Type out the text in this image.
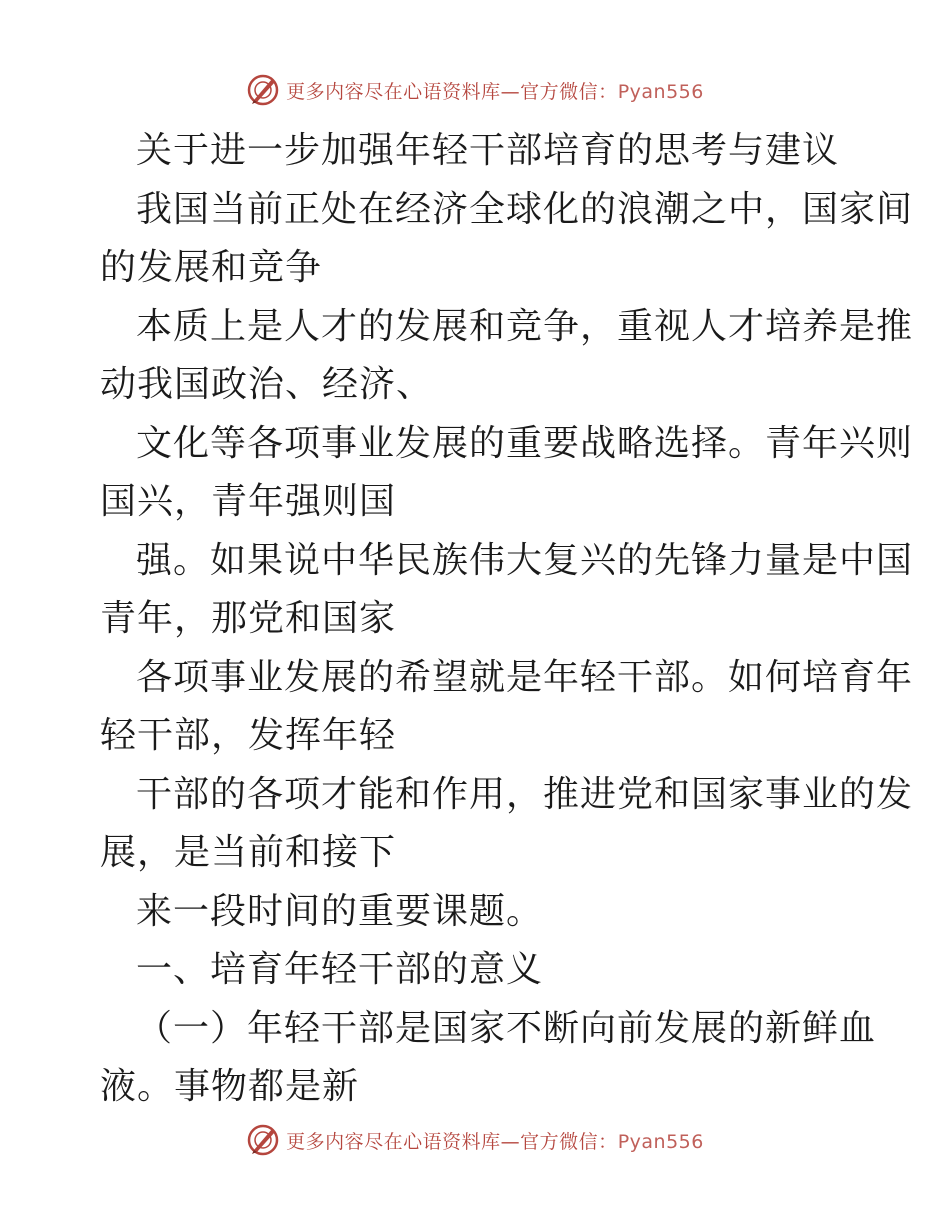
更多内容尽在心语资料库—官方微信：Pyan556
关于进一步加强年轻干部培育的思考与建议
我国当前正处在经济全球化的浪潮之中，国家间
的发展和竞争
本质上是人才的发展和竞争，重视人才培养是推
动我国政治、经济、
文化等各项事业发展的重要战略选择。青年兴则
国兴，青年强则国
强。如果说中华民族伟大复兴的先锋力量是中国
青年，那党和国家
各项事业发展的希望就是年轻干部。如何培育年
轻干部，发挥年轻
干部的各项才能和作用，推进党和国家事业的发
展，是当前和接下
来一段时间的重要课题。
一、培育年轻干部的意义
（一）年轻干部是国家不断向前发展的新鲜血
液。事物都是新
更多内容尽在心语资料库—官方微信：Pyan556
